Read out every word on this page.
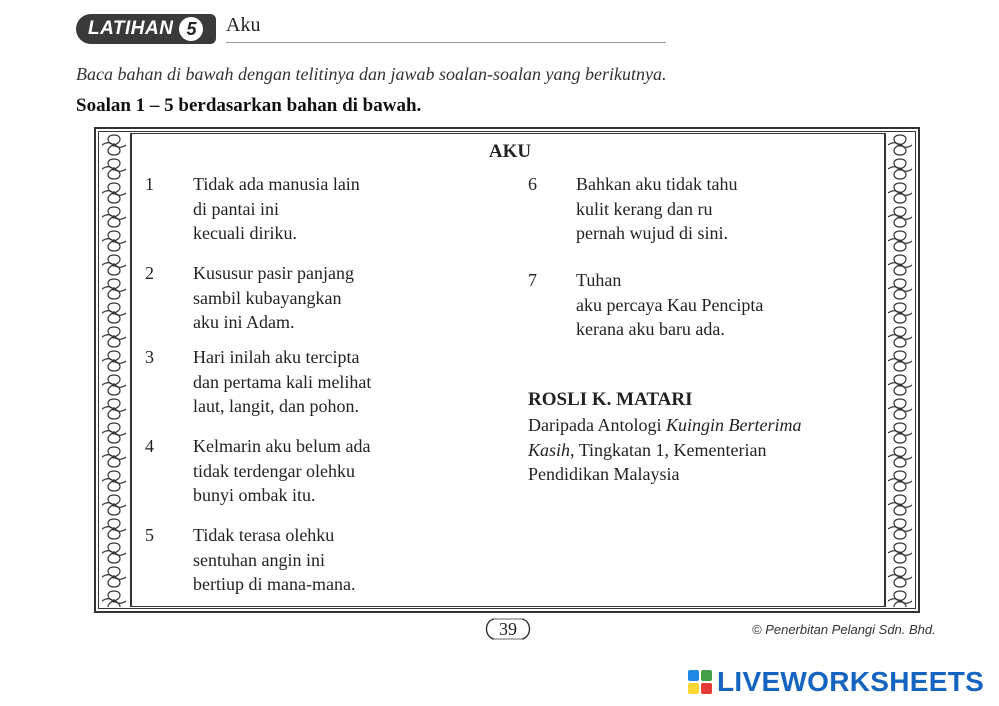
LATIHAN 5	Aku
Baca bahan di bawah dengan telitinya dan jawab soalan-soalan yang berikutnya.
Soalan 1 – 5 berdasarkan bahan di bawah.
AKU
1	Tidak ada manusia lain
di pantai ini
kecuali diriku.
2	Kususur pasir panjang
sambil kubayangkan
aku ini Adam.
3	Hari inilah aku tercipta
dan pertama kali melihat
laut, langit, dan pohon.
4	Kelmarin aku belum ada
tidak terdengar olehku
bunyi ombak itu.
5	Tidak terasa olehku
sentuhan angin ini
bertiup di mana-mana.
6	Bahkan aku tidak tahu
kulit kerang dan ru
pernah wujud di sini.
7	Tuhan
aku percaya Kau Pencipta
kerana aku baru ada.
ROSLI K. MATARI
Daripada Antologi Kuingin Berterima
Kasih, Tingkatan 1, Kementerian
Pendidikan Malaysia
39	© Penerbitan Pelangi Sdn. Bhd.
LIVEWORKSHEETS
